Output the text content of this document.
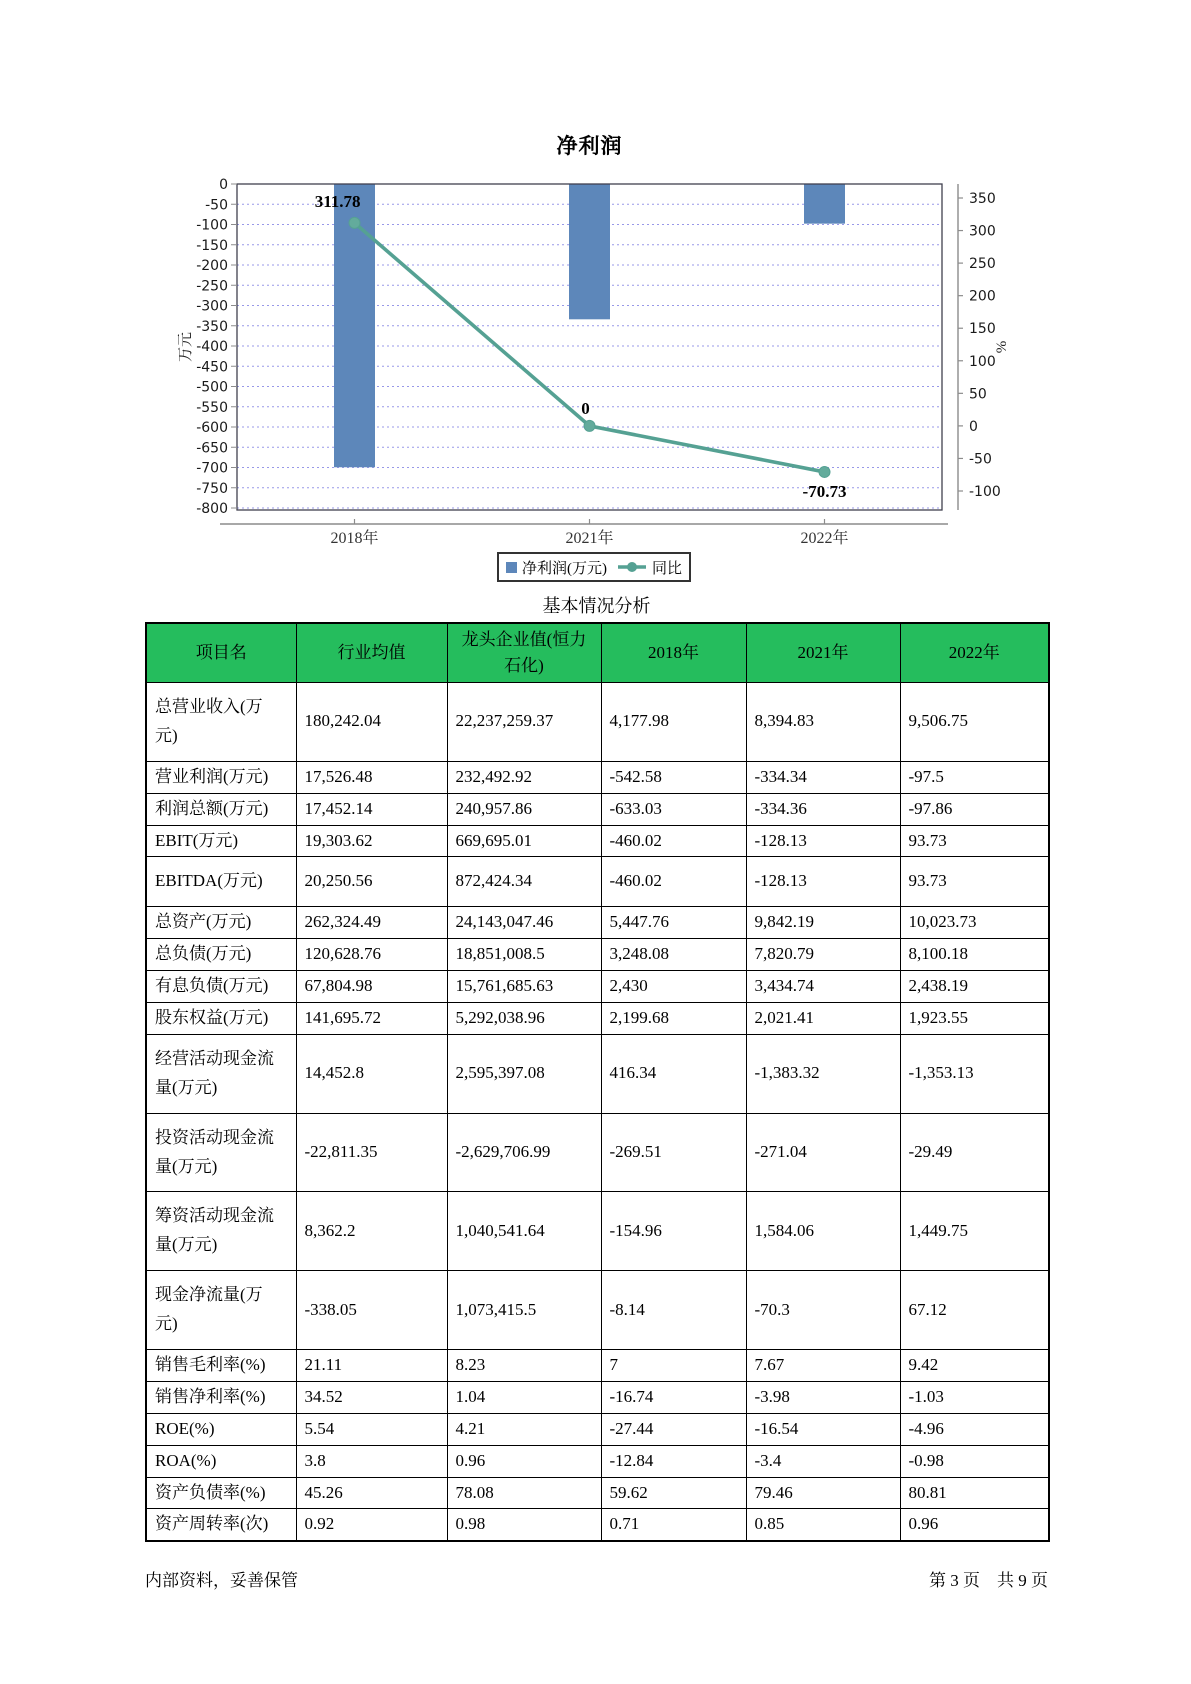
净利润
0
-50
-100
-150
-200
-250
-300
-350
-400
-450
-500
-550
-600
-650
-700
-750
-800
万元
2018年	2021年	2022年
350
300
250
200
150
100
50
0
-50
-100
%
311.78
0
-70.73
净利润(万元)	同比
基本情况分析
项目名	行业均值	龙头企业值(恒力石化)	2018年	2021年	2022年
总营业收入(万元)	180,242.04	22,237,259.37	4,177.98	8,394.83	9,506.75
营业利润(万元)	17,526.48	232,492.92	-542.58	-334.34	-97.5
利润总额(万元)	17,452.14	240,957.86	-633.03	-334.36	-97.86
EBIT(万元)	19,303.62	669,695.01	-460.02	-128.13	93.73
EBITDA(万元)	20,250.56	872,424.34	-460.02	-128.13	93.73
总资产(万元)	262,324.49	24,143,047.46	5,447.76	9,842.19	10,023.73
总负债(万元)	120,628.76	18,851,008.5	3,248.08	7,820.79	8,100.18
有息负债(万元)	67,804.98	15,761,685.63	2,430	3,434.74	2,438.19
股东权益(万元)	141,695.72	5,292,038.96	2,199.68	2,021.41	1,923.55
经营活动现金流量(万元)	14,452.8	2,595,397.08	416.34	-1,383.32	-1,353.13
投资活动现金流量(万元)	-22,811.35	-2,629,706.99	-269.51	-271.04	-29.49
筹资活动现金流量(万元)	8,362.2	1,040,541.64	-154.96	1,584.06	1,449.75
现金净流量(万元)	-338.05	1,073,415.5	-8.14	-70.3	67.12
销售毛利率(%)	21.11	8.23	7	7.67	9.42
销售净利率(%)	34.52	1.04	-16.74	-3.98	-1.03
ROE(%)	5.54	4.21	-27.44	-16.54	-4.96
ROA(%)	3.8	0.96	-12.84	-3.4	-0.98
资产负债率(%)	45.26	78.08	59.62	79.46	80.81
资产周转率(次)	0.92	0.98	0.71	0.85	0.96
内部资料，妥善保管	第 3 页　共 9 页
